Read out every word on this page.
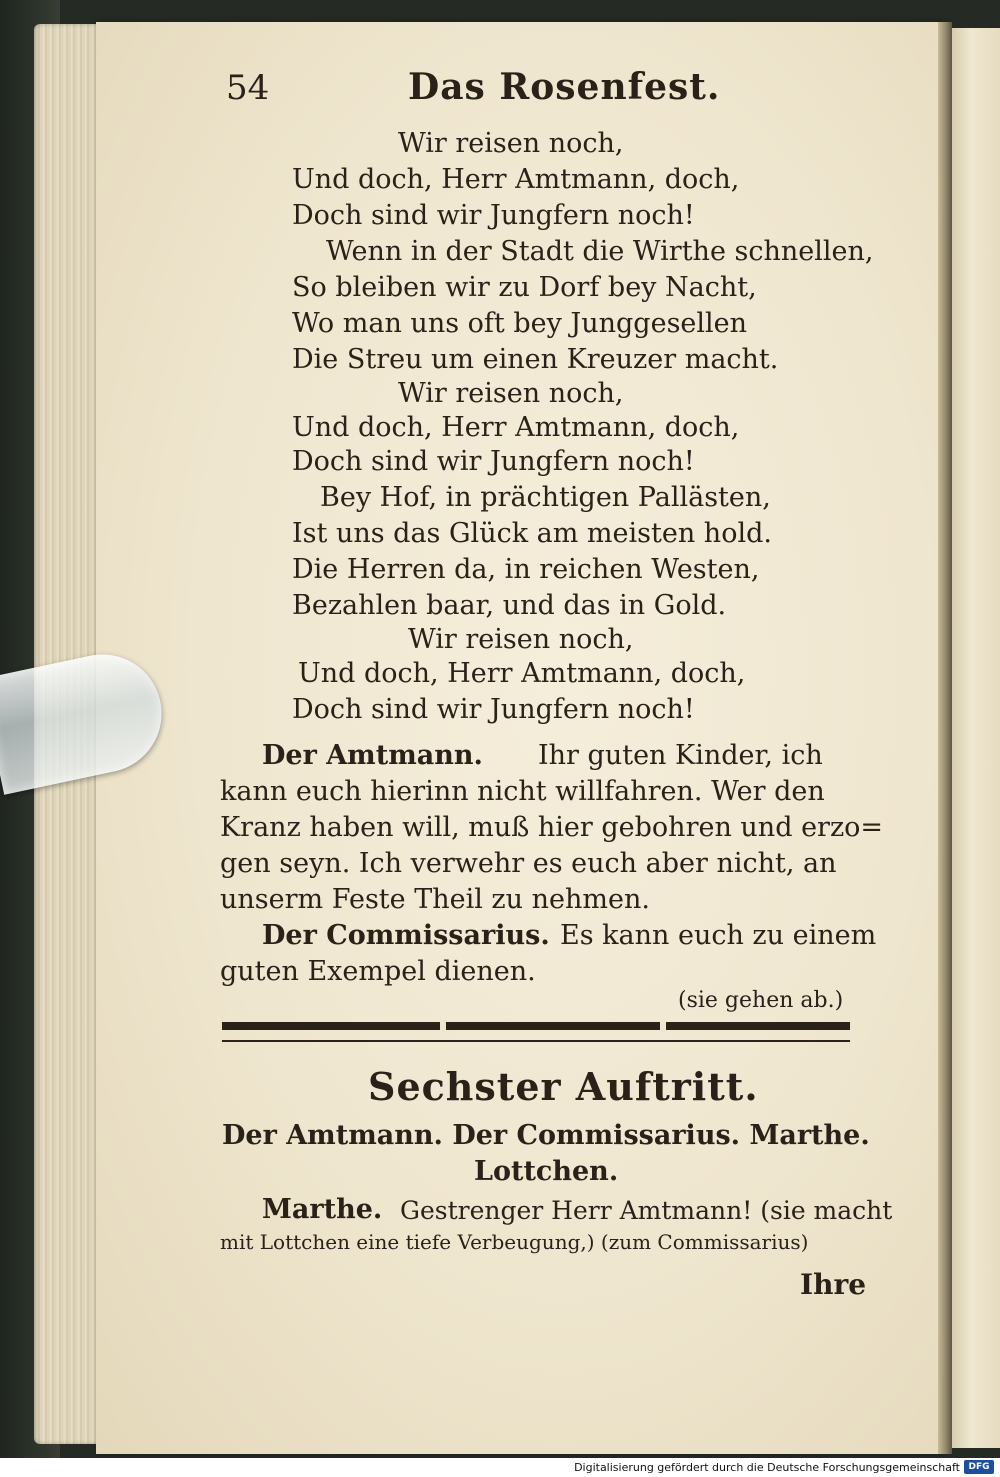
54	Das Rosenfest.
Wir reisen noch,
Und doch, Herr Amtmann, doch,
Doch sind wir Jungfern noch!
Wenn in der Stadt die Wirthe schnellen,
So bleiben wir zu Dorf bey Nacht,
Wo man uns oft bey Junggesellen
Die Streu um einen Kreuzer macht.
Wir reisen noch,
Und doch, Herr Amtmann, doch,
Doch sind wir Jungfern noch!
Bey Hof, in prächtigen Pallästen,
Ist uns das Glück am meisten hold.
Die Herren da, in reichen Westen,
Bezahlen baar, und das in Gold.
Wir reisen noch,
Und doch, Herr Amtmann, doch,
Doch sind wir Jungfern noch!
Der Amtmann. Ihr guten Kinder, ich
kann euch hierinn nicht willfahren. Wer den
Kranz haben will, muß hier gebohren und erzo=
gen seyn. Ich verwehr es euch aber nicht, an
unserm Feste Theil zu nehmen.
Der Commissarius. Es kann euch zu einem
guten Exempel dienen.
(sie gehen ab.)
Sechster Auftritt.
Der Amtmann. Der Commissarius. Marthe.
Lottchen.
Marthe. Gestrenger Herr Amtmann! (sie macht
mit Lottchen eine tiefe Verbeugung,) (zum Commissarius)
Ihre
Digitalisierung gefördert durch die Deutsche Forschungsgemeinschaft DFG
